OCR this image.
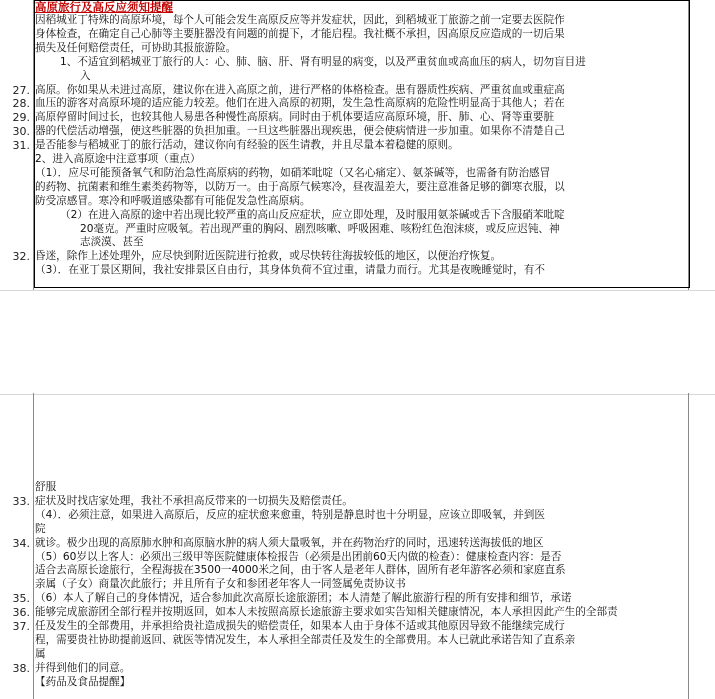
高原旅行及高反应须知提醒
因稻城亚丁特殊的高原环境，每个人可能会发生高原反应等并发症状，因此，到稻城亚丁旅游之前一定要去医院作
身体检查，在确定自己心肺等主要脏器没有问题的前提下，才能启程。我社概不承担，因高原反应造成的一切后果
损失及任何赔偿责任，可协助其报旅游险。
1、不适宜到稻城亚丁旅行的人：心、肺、脑、肝、肾有明显的病变，以及严重贫血或高血压的病人，切勿盲目进
入
27. 高原。你如果从未进过高原，建议你在进入高原之前，进行严格的体格检查。患有器质性疾病、严重贫血或重症高
28. 血压的游客对高原环境的适应能力较差。他们在进入高原的初期，发生急性高原病的危险性明显高于其他人；若在
29. 高原停留时间过长，也较其他人易患各种慢性高原病。同时由于机体要适应高原环境，肝、肺、心、肾等重要脏
30. 器的代偿活动增强，使这些脏器的负担加重。一旦这些脏器出现疾患，便会使病情进一步加重。如果你不清楚自己
31. 是否能参与稻城亚丁的旅行活动，建议你向有经验的医生请教，并且尽量本着稳健的原则。
2、进入高原途中注意事项（重点）
（1）．应尽可能预备氧气和防治急性高原病的药物，如硝苯吡啶（又名心痛定）、氨茶碱等，也需备有防治感冒
的药物、抗菌素和维生素类药物等，以防万一。由于高原气候寒冷，昼夜温差大，要注意准备足够的御寒衣服，以
防受凉感冒。寒冷和呼吸道感染都有可能促发急性高原病。
（2）在进入高原的途中若出现比较严重的高山反应症状，应立即处理，及时服用氨茶碱或舌下含服硝苯吡啶
20毫克。严重时应吸氧。若出现严重的胸闷、剧烈咳嗽、呼吸困难、咳粉红色泡沫痰，或反应迟钝、神
志淡漠、甚至
32. 昏迷，除作上述处理外，应尽快到附近医院进行抢救，或尽快转往海拔较低的地区，以便治疗恢复。
（3）．在亚丁景区期间，我社安排景区自由行，其身体负荷不宜过重，请量力而行。尤其是夜晚睡觉时，有不
舒服
33. 症状及时找店家处理，我社不承担高反带来的一切损失及赔偿责任。
（4）．必须注意，如果进入高原后，反应的症状愈来愈重，特别是静息时也十分明显，应该立即吸氧，并到医
院
34. 就诊。极少出现的高原肺水肿和高原脑水肿的病人须大量吸氧，并在药物治疗的同时，迅速转送海拔低的地区
（5）60岁以上客人：必须出三级甲等医院健康体检报告（必须是出团前60天内做的检查）：健康检查内容：是否
适合去高原长途旅行，全程海拔在3500一4000米之间，由于客人是老年人群体，固所有老年游客必须和家庭直系
亲属（子女）商量次此旅行；并且所有子女和参团老年客人一同签属免责协议书
35. （6）本人了解自己的身体情况，适合参加此次高原长途旅游团；本人清楚了解此旅游行程的所有安排和细节，承诺
36. 能够完成旅游团全部行程并按期返回，如本人未按照高原长途旅游主要求如实告知相关健康情况，本人承担因此产生的全部责
37. 任及发生的全部费用，并承担给贵社造成损失的赔偿责任，如果本人由于身体不适或其他原因导致不能继续完成行
程，需要贵社协助提前返回、就医等情况发生，本人承担全部责任及发生的全部费用。本人已就此承诺告知了直系亲
属
38. 并得到他们的同意。
【药品及食品提醒】
